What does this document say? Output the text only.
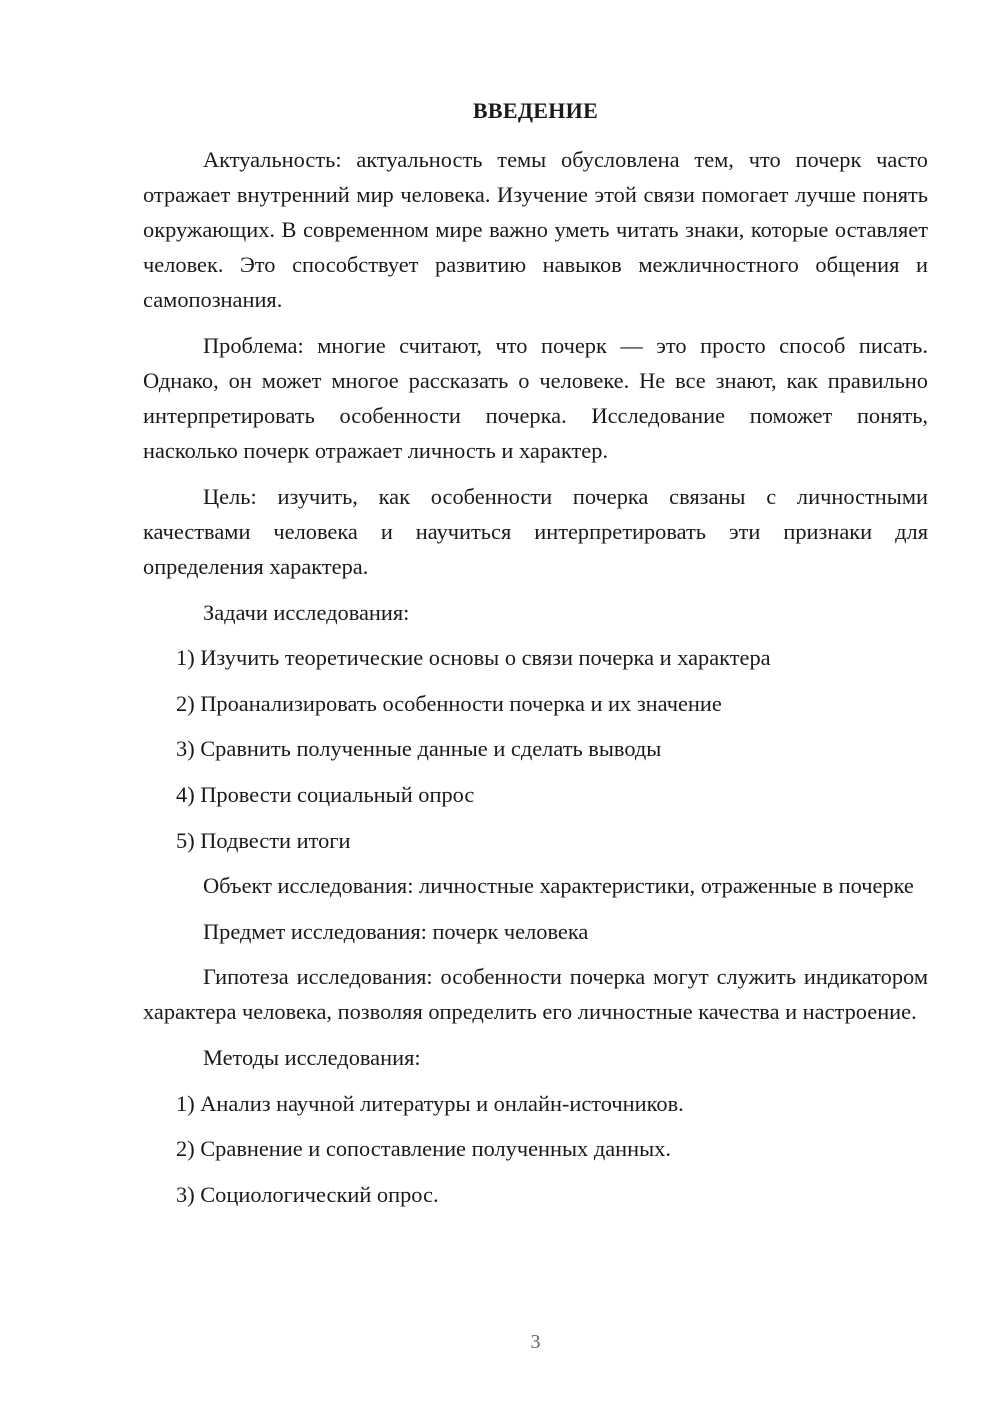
ВВЕДЕНИЕ

Актуальность: актуальность темы обусловлена тем, что почерк часто отражает внутренний мир человека. Изучение этой связи помогает лучше понять окружающих. В современном мире важно уметь читать знаки, которые оставляет человек. Это способствует развитию навыков межличностного общения и самопознания.

Проблема: многие считают, что почерк — это просто способ писать. Однако, он может многое рассказать о человеке. Не все знают, как правильно интерпретировать особенности почерка. Исследование поможет понять, насколько почерк отражает личность и характер.

Цель: изучить, как особенности почерка связаны с личностными качествами человека и научиться интерпретировать эти признаки для определения характера.

Задачи исследования:

1) Изучить теоретические основы о связи почерка и характера

2) Проанализировать особенности почерка и их значение

3) Сравнить полученные данные и сделать выводы

4) Провести социальный опрос

5) Подвести итоги

Объект исследования: личностные характеристики, отраженные в почерке

Предмет исследования: почерк человека

Гипотеза исследования: особенности почерка могут служить индикатором характера человека, позволяя определить его личностные качества и настроение.

Методы исследования:

1) Анализ научной литературы и онлайн-источников.

2) Сравнение и сопоставление полученных данных.

3) Социологический опрос.

3
